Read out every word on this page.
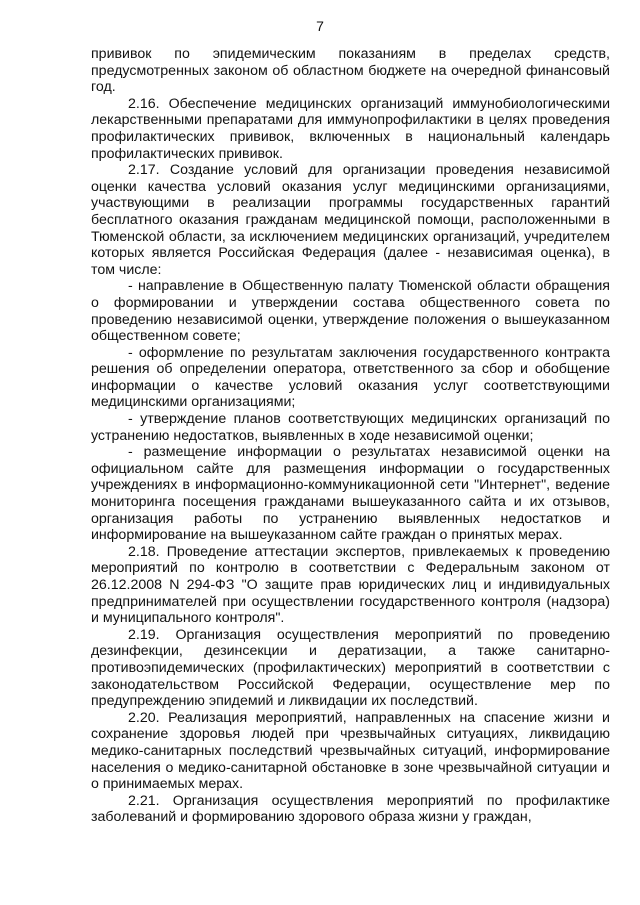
7

прививок по эпидемическим показаниям в пределах средств, предусмотренных законом об областном бюджете на очередной финансовый год.

2.16. Обеспечение медицинских организаций иммунобиологическими лекарственными препаратами для иммунопрофилактики в целях проведения профилактических прививок, включенных в национальный календарь профилактических прививок.

2.17. Создание условий для организации проведения независимой оценки качества условий оказания услуг медицинскими организациями, участвующими в реализации программы государственных гарантий бесплатного оказания гражданам медицинской помощи, расположенными в Тюменской области, за исключением медицинских организаций, учредителем которых является Российская Федерация (далее - независимая оценка), в том числе:

- направление в Общественную палату Тюменской области обращения о формировании и утверждении состава общественного совета по проведению независимой оценки, утверждение положения о вышеуказанном общественном совете;

- оформление по результатам заключения государственного контракта решения об определении оператора, ответственного за сбор и обобщение информации о качестве условий оказания услуг соответствующими медицинскими организациями;

- утверждение планов соответствующих медицинских организаций по устранению недостатков, выявленных в ходе независимой оценки;

- размещение информации о результатах независимой оценки на официальном сайте для размещения информации о государственных учреждениях в информационно-коммуникационной сети "Интернет", ведение мониторинга посещения гражданами вышеуказанного сайта и их отзывов, организация работы по устранению выявленных недостатков и информирование на вышеуказанном сайте граждан о принятых мерах.

2.18. Проведение аттестации экспертов, привлекаемых к проведению мероприятий по контролю в соответствии с Федеральным законом от 26.12.2008 N 294-ФЗ "О защите прав юридических лиц и индивидуальных предпринимателей при осуществлении государственного контроля (надзора) и муниципального контроля".

2.19. Организация осуществления мероприятий по проведению дезинфекции, дезинсекции и дератизации, а также санитарно-противоэпидемических (профилактических) мероприятий в соответствии с законодательством Российской Федерации, осуществление мер по предупреждению эпидемий и ликвидации их последствий.

2.20. Реализация мероприятий, направленных на спасение жизни и сохранение здоровья людей при чрезвычайных ситуациях, ликвидацию медико-санитарных последствий чрезвычайных ситуаций, информирование населения о медико-санитарной обстановке в зоне чрезвычайной ситуации и о принимаемых мерах.

2.21. Организация осуществления мероприятий по профилактике заболеваний и формированию здорового образа жизни у граждан,
